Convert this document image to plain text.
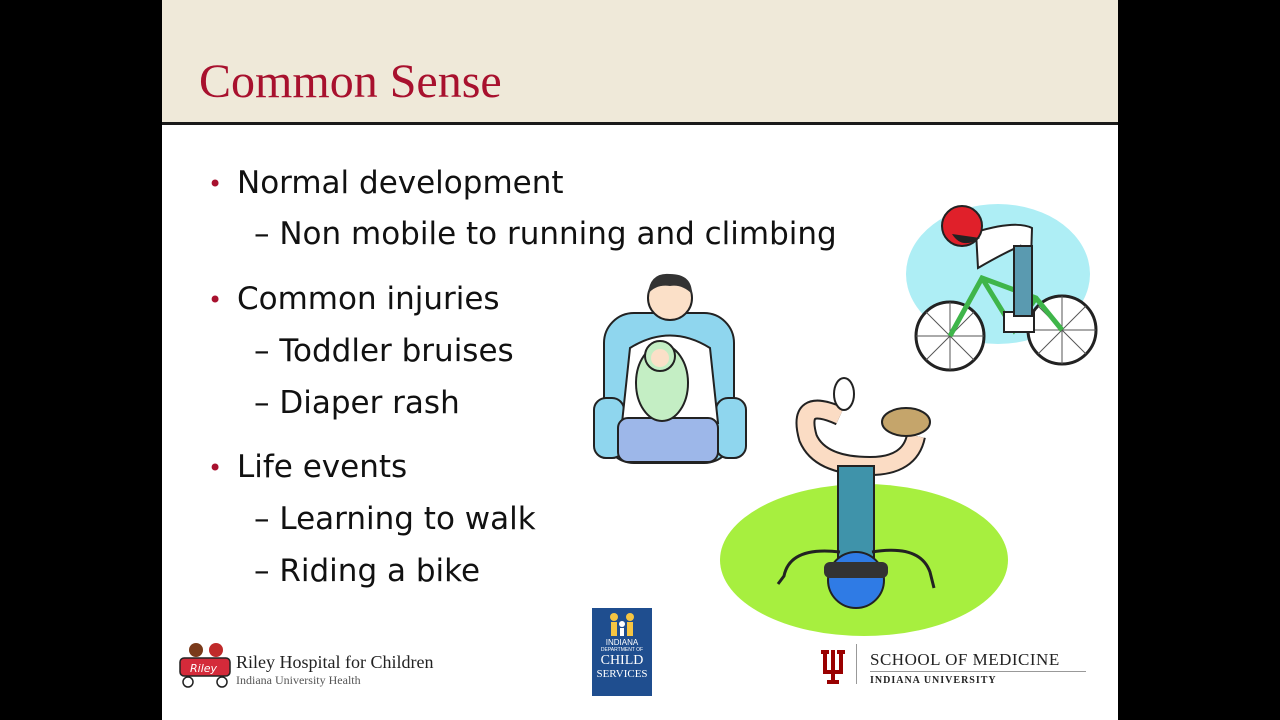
Common Sense
• Normal development
– Non mobile to running and climbing
• Common injuries
– Toddler bruises
– Diaper rash
• Life events
– Learning to walk
– Riding a bike
Riley Riley Hospital for Children
Indiana University Health
INDIANA
DEPARTMENT OF
CHILD
SERVICES
SCHOOL OF MEDICINE
INDIANA UNIVERSITY
